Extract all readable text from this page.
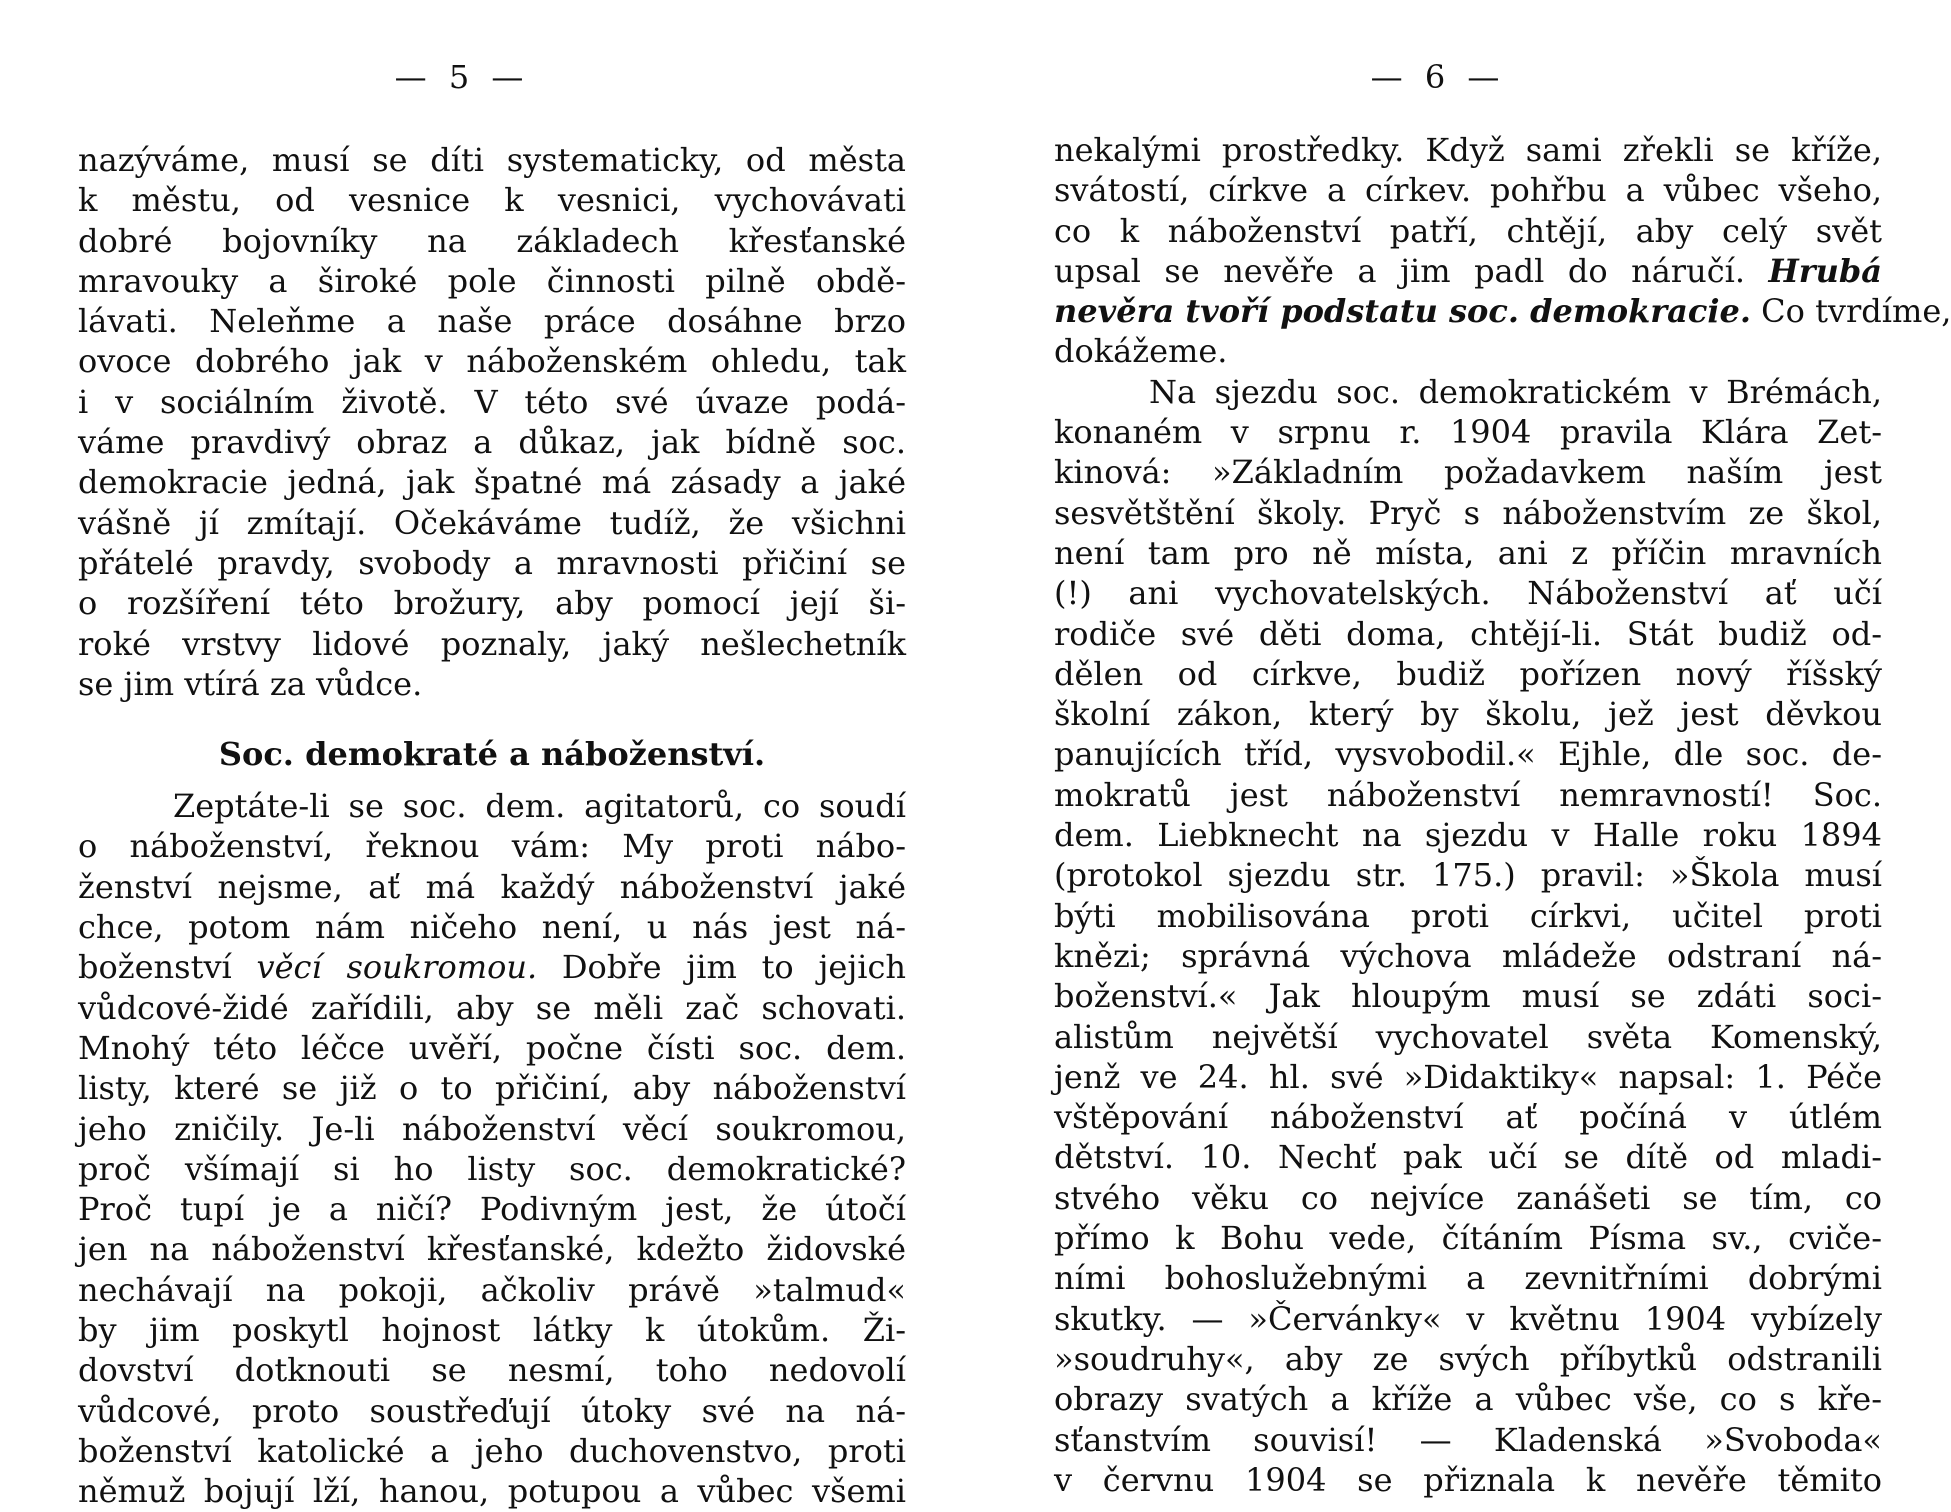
— 5 —
nazýváme, musí se díti systematicky, od města
k městu, od vesnice k vesnici, vychovávati
dobré bojovníky na základech křesťanské
mravouky a široké pole činnosti pilně obdě-
lávati. Neleňme a naše práce dosáhne brzo
ovoce dobrého jak v náboženském ohledu, tak
i v sociálním životě. V této své úvaze podá-
váme pravdivý obraz a důkaz, jak bídně soc.
demokracie jedná, jak špatné má zásady a jaké
vášně jí zmítají. Očekáváme tudíž, že všichni
přátelé pravdy, svobody a mravnosti přičiní se
o rozšíření této brožury, aby pomocí její ši-
roké vrstvy lidové poznaly, jaký nešlechetník
se jim vtírá za vůdce.
Soc. demokraté a náboženství.
Zeptáte-li se soc. dem. agitatorů, co soudí
o náboženství, řeknou vám: My proti nábo-
ženství nejsme, ať má každý náboženství jaké
chce, potom nám ničeho není, u nás jest ná-
boženství věcí soukromou. Dobře jim to jejich
vůdcové-židé zařídili, aby se měli zač schovati.
Mnohý této léčce uvěří, počne čísti soc. dem.
listy, které se již o to přičiní, aby náboženství
jeho zničily. Je-li náboženství věcí soukromou,
proč všímají si ho listy soc. demokratické?
Proč tupí je a ničí? Podivným jest, že útočí
jen na náboženství křesťanské, kdežto židovské
nechávají na pokoji, ačkoliv právě »talmud«
by jim poskytl hojnost látky k útokům. Ži-
dovství dotknouti se nesmí, toho nedovolí
vůdcové, proto soustřeďují útoky své na ná-
boženství katolické a jeho duchovenstvo, proti
němuž bojují lží, hanou, potupou a vůbec všemi
— 6 —
nekalými prostředky. Když sami zřekli se kříže,
svátostí, církve a církev. pohřbu a vůbec všeho,
co k náboženství patří, chtějí, aby celý svět
upsal se nevěře a jim padl do náručí. Hrubá
nevěra tvoří podstatu soc. demokracie. Co tvrdíme,
dokážeme.
Na sjezdu soc. demokratickém v Brémách,
konaném v srpnu r. 1904 pravila Klára Zet-
kinová: »Základním požadavkem naším jest
sesvětštění školy. Pryč s náboženstvím ze škol,
není tam pro ně místa, ani z příčin mravních
(!) ani vychovatelských. Náboženství ať učí
rodiče své děti doma, chtějí-li. Stát budiž od-
dělen od církve, budiž pořízen nový říšský
školní zákon, který by školu, jež jest děvkou
panujících tříd, vysvobodil.« Ejhle, dle soc. de-
mokratů jest náboženství nemravností! Soc.
dem. Liebknecht na sjezdu v Halle roku 1894
(protokol sjezdu str. 175.) pravil: »Škola musí
býti mobilisována proti církvi, učitel proti
knězi; správná výchova mládeže odstraní ná-
boženství.« Jak hloupým musí se zdáti soci-
alistům největší vychovatel světa Komenský,
jenž ve 24. hl. své »Didaktiky« napsal: 1. Péče
vštěpování náboženství ať počíná v útlém
dětství. 10. Nechť pak učí se dítě od mladi-
stvého věku co nejvíce zanášeti se tím, co
přímo k Bohu vede, čítáním Písma sv., cviče-
ními bohoslužebnými a zevnitřními dobrými
skutky. — »Červánky« v květnu 1904 vybízely
»soudruhy«, aby ze svých příbytků odstranili
obrazy svatých a kříže a vůbec vše, co s kře-
sťanstvím souvisí! — Kladenská »Svoboda«
v červnu 1904 se přiznala k nevěře těmito
